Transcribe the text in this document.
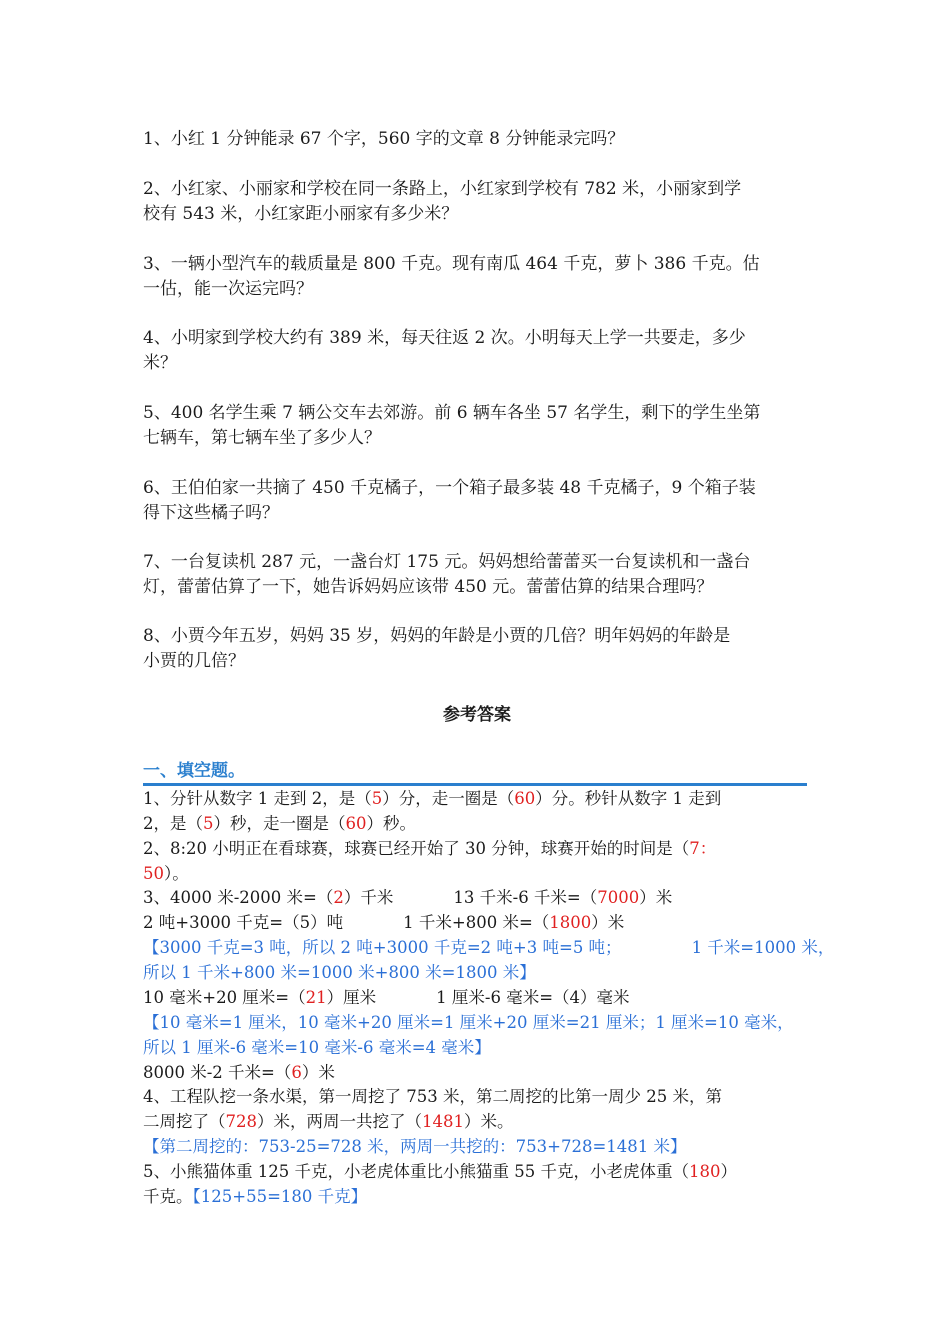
1、小红 1 分钟能录 67 个字，560 字的文章 8 分钟能录完吗？

2、小红家、小丽家和学校在同一条路上，小红家到学校有 782 米，小丽家到学
校有 543 米，小红家距小丽家有多少米？

3、一辆小型汽车的载质量是 800 千克。现有南瓜 464 千克，萝卜 386 千克。估
一估，能一次运完吗？

4、小明家到学校大约有 389 米，每天往返 2 次。小明每天上学一共要走，多少
米？

5、400 名学生乘 7 辆公交车去郊游。前 6 辆车各坐 57 名学生，剩下的学生坐第
七辆车，第七辆车坐了多少人？

6、王伯伯家一共摘了 450 千克橘子，一个箱子最多装 48 千克橘子，9 个箱子装
得下这些橘子吗？

7、一台复读机 287 元，一盏台灯 175 元。妈妈想给蕾蕾买一台复读机和一盏台
灯，蕾蕾估算了一下，她告诉妈妈应该带 450 元。蕾蕾估算的结果合理吗？

8、小贾今年五岁，妈妈 35 岁，妈妈的年龄是小贾的几倍？明年妈妈的年龄是
小贾的几倍？

参考答案
一、填空题。

1、分针从数字 1 走到 2，是（5）分，走一圈是（60）分。秒针从数字 1 走到
2，是（5）秒，走一圈是（60）秒。

2、8:20 小明正在看球赛，球赛已经开始了 30 分钟，球赛开始的时间是（7：
50）。

3、4000 米-2000 米=（2）千米	13 千米-6 千米=（7000）米
2 吨+3000 千克=（5）吨	1 千米+800 米=（1800）米
【3000 千克=3 吨，所以 2 吨+3000 千克=2 吨+3 吨=5 吨；	1 千米=1000 米，
所以 1 千米+800 米=1000 米+800 米=1800 米】
10 毫米+20 厘米=（21）厘米	1 厘米-6 毫米=（4）毫米
【10 毫米=1 厘米，10 毫米+20 厘米=1 厘米+20 厘米=21 厘米；1 厘米=10 毫米，
所以 1 厘米-6 毫米=10 毫米-6 毫米=4 毫米】
8000 米-2 千米=（6）米

4、工程队挖一条水渠，第一周挖了 753 米，第二周挖的比第一周少 25 米，第
二周挖了（728）米，两周一共挖了（1481）米。
【第二周挖的：753-25=728 米，两周一共挖的：753+728=1481 米】

5、小熊猫体重 125 千克，小老虎体重比小熊猫重 55 千克，小老虎体重（180）
千克。【125+55=180 千克】
